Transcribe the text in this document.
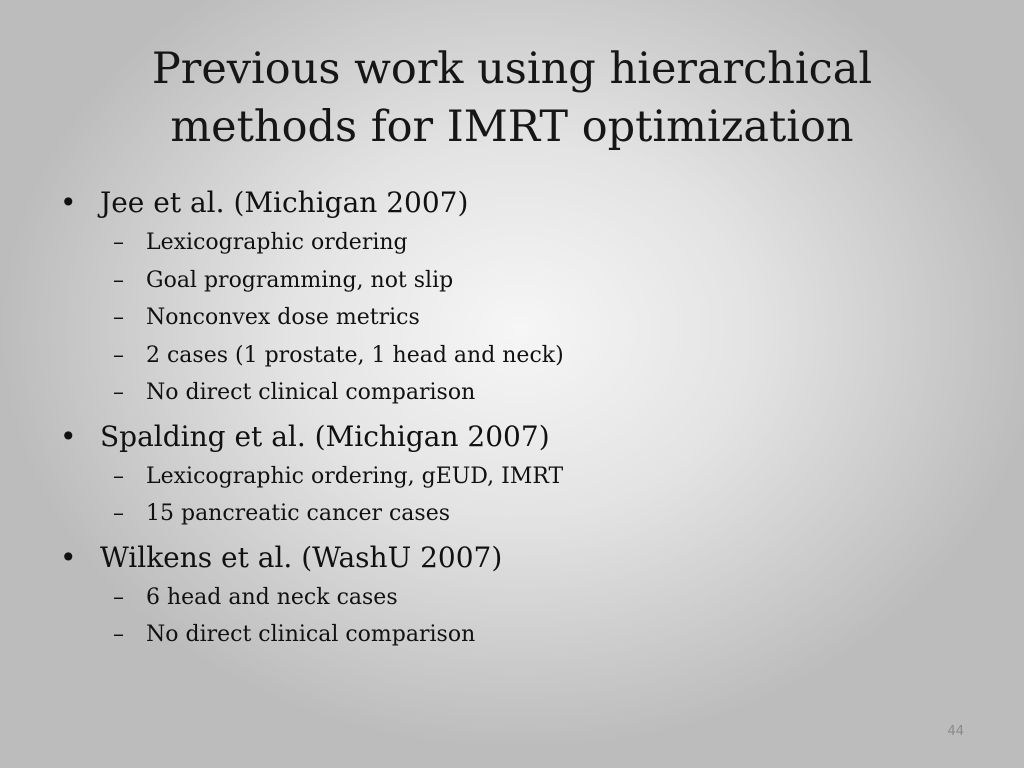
Previous work using hierarchical
methods for IMRT optimization
• Jee et al. (Michigan 2007)
– Lexicographic ordering
– Goal programming, not slip
– Nonconvex dose metrics
– 2 cases (1 prostate, 1 head and neck)
– No direct clinical comparison
• Spalding et al. (Michigan 2007)
– Lexicographic ordering, gEUD, IMRT
– 15 pancreatic cancer cases
• Wilkens et al. (WashU 2007)
– 6 head and neck cases
– No direct clinical comparison
44
